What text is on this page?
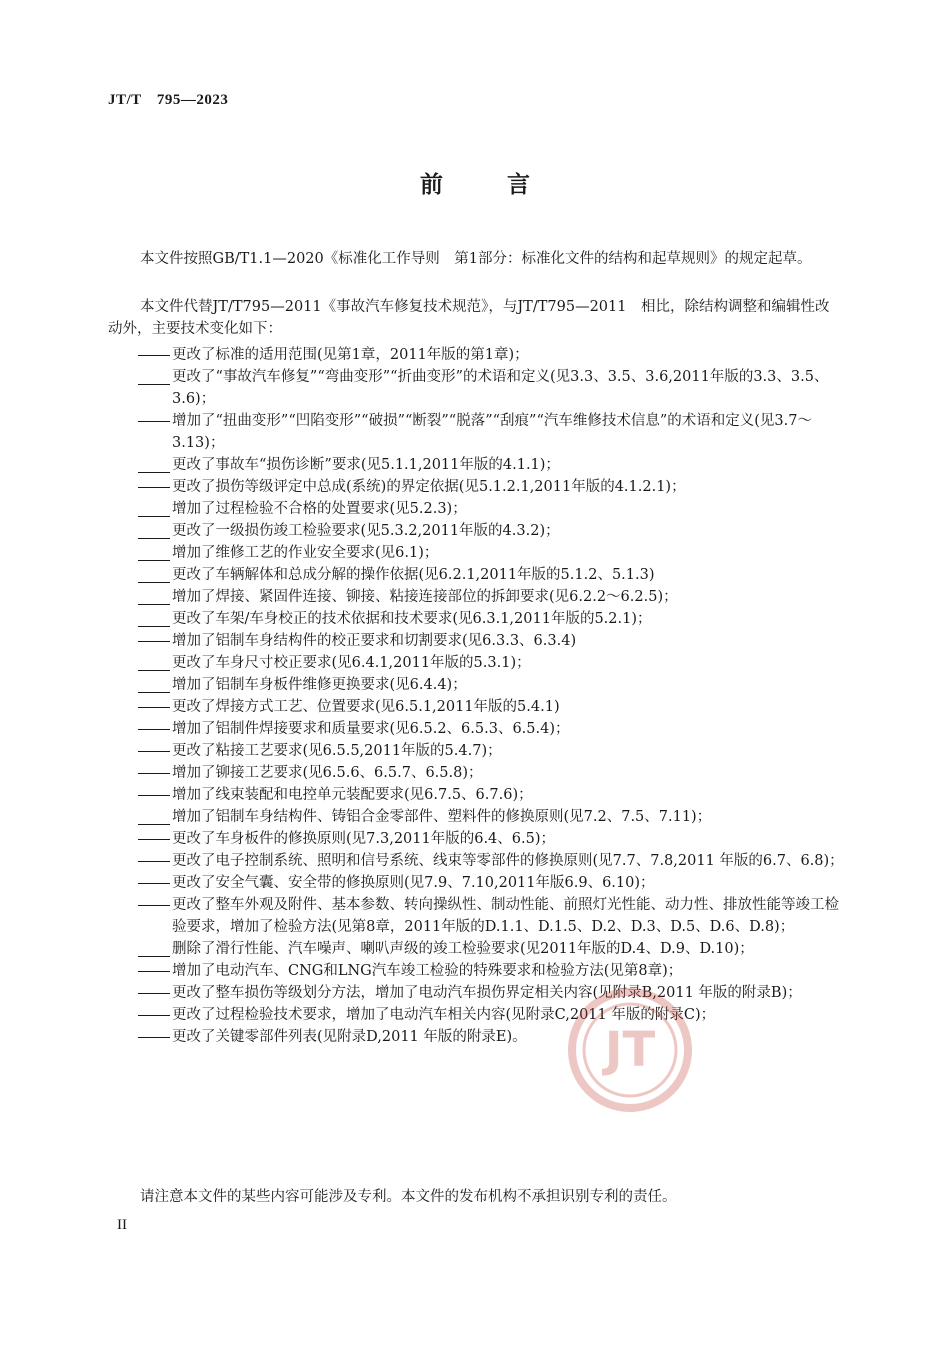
JT/T　795—2023
前	言

本文件按照GB/T1.1—2020《标准化工作导则　第1部分：标准化文件的结构和起草规则》的规定起草。

本文件代替JT/T795—2011《事故汽车修复技术规范》，与JT/T795—2011　相比，除结构调整和编辑性改动外，主要技术变化如下：

更改了标准的适用范围(见第1章，2011年版的第1章)；
更改了“事故汽车修复”“弯曲变形”“折曲变形”的术语和定义(见3.3、3.5、3.6,2011年版的3.3、3.5、3.6)；
增加了“扭曲变形”“凹陷变形”“破损”“断裂”“脱落”“刮痕”“汽车维修技术信息”的术语和定义(见3.7～3.13)；
更改了事故车“损伤诊断”要求(见5.1.1,2011年版的4.1.1)；
更改了损伤等级评定中总成(系统)的界定依据(见5.1.2.1,2011年版的4.1.2.1)；
增加了过程检验不合格的处置要求(见5.2.3)；
更改了一级损伤竣工检验要求(见5.3.2,2011年版的4.3.2)；
增加了维修工艺的作业安全要求(见6.1)；
更改了车辆解体和总成分解的操作依据(见6.2.1,2011年版的5.1.2、5.1.3)
增加了焊接、紧固件连接、铆接、粘接连接部位的拆卸要求(见6.2.2～6.2.5)；
更改了车架/车身校正的技术依据和技术要求(见6.3.1,2011年版的5.2.1)；
增加了铝制车身结构件的校正要求和切割要求(见6.3.3、6.3.4)
更改了车身尺寸校正要求(见6.4.1,2011年版的5.3.1)；
增加了铝制车身板件维修更换要求(见6.4.4)；
更改了焊接方式工艺、位置要求(见6.5.1,2011年版的5.4.1)
增加了铝制件焊接要求和质量要求(见6.5.2、6.5.3、6.5.4)；
更改了粘接工艺要求(见6.5.5,2011年版的5.4.7)；
增加了铆接工艺要求(见6.5.6、6.5.7、6.5.8)；
增加了线束装配和电控单元装配要求(见6.7.5、6.7.6)；
增加了铝制车身结构件、铸铝合金零部件、塑料件的修换原则(见7.2、7.5、7.11)；
更改了车身板件的修换原则(见7.3,2011年版的6.4、6.5)；
更改了电子控制系统、照明和信号系统、线束等零部件的修换原则(见7.7、7.8,2011 年版的6.7、6.8)；
更改了安全气囊、安全带的修换原则(见7.9、7.10,2011年版6.9、6.10)；
更改了整车外观及附件、基本参数、转向操纵性、制动性能、前照灯光性能、动力性、排放性能等竣工检验要求，增加了检验方法(见第8章，2011年版的D.1.1、D.1.5、D.2、D.3、D.5、D.6、D.8)；
删除了滑行性能、汽车噪声、喇叭声级的竣工检验要求(见2011年版的D.4、D.9、D.10)；
增加了电动汽车、CNG和LNG汽车竣工检验的特殊要求和检验方法(见第8章)；
更改了整车损伤等级划分方法，增加了电动汽车损伤界定相关内容(见附录B,2011 年版的附录B)；
更改了过程检验技术要求，增加了电动汽车相关内容(见附录C,2011 年版的附录C)；
更改了关键零部件列表(见附录D,2011 年版的附录E)。

请注意本文件的某些内容可能涉及专利。本文件的发布机构不承担识别专利的责任。

II
JT
